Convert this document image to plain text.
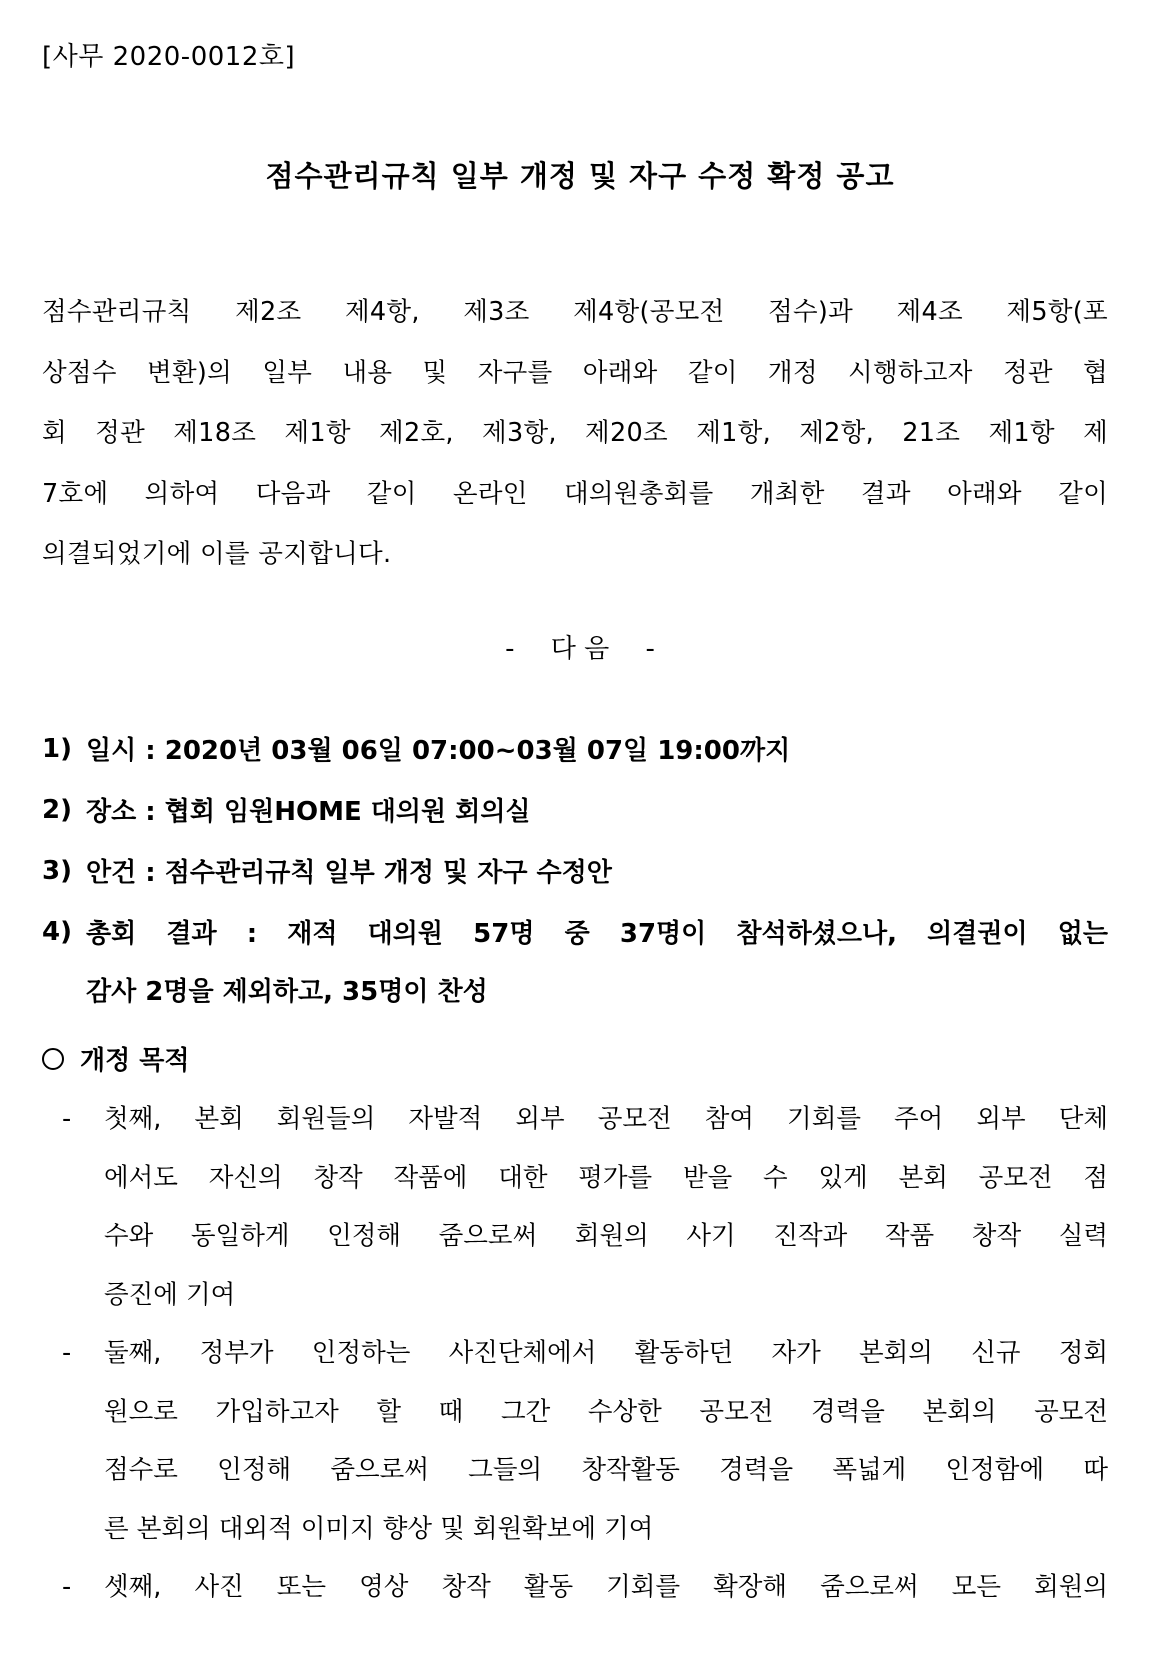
[사무 2020-0012호]
점수관리규칙 일부 개정 및 자구 수정 확정 공고
점수관리규칙 제2조 제4항, 제3조 제4항(공모전 점수)과 제4조 제5항(포
상점수 변환)의 일부 내용 및 자구를 아래와 같이 개정 시행하고자 정관 협
회 정관 제18조 제1항 제2호, 제3항, 제20조 제1항, 제2항, 21조 제1항 제
7호에 의하여 다음과 같이 온라인 대의원총회를 개최한 결과 아래와 같이
의결되었기에 이를 공지합니다.
- 다 음 -
1) 일시 : 2020년 03월 06일 07:00~03월 07일 19:00까지
2) 장소 : 협회 임원HOME 대의원 회의실
3) 안건 : 점수관리규칙 일부 개정 및 자구 수정안
4) 총회 결과 : 재적 대의원 57명 중 37명이 참석하셨으나, 의결권이 없는
감사 2명을 제외하고, 35명이 찬성
개정 목적
- 첫째, 본회 회원들의 자발적 외부 공모전 참여 기회를 주어 외부 단체
에서도 자신의 창작 작품에 대한 평가를 받을 수 있게 본회 공모전 점
수와 동일하게 인정해 줌으로써 회원의 사기 진작과 작품 창작 실력
증진에 기여
- 둘째, 정부가 인정하는 사진단체에서 활동하던 자가 본회의 신규 정회
원으로 가입하고자 할 때 그간 수상한 공모전 경력을 본회의 공모전
점수로 인정해 줌으로써 그들의 창작활동 경력을 폭넓게 인정함에 따
른 본회의 대외적 이미지 향상 및 회원확보에 기여
- 셋째, 사진 또는 영상 창작 활동 기회를 확장해 줌으로써 모든 회원의
